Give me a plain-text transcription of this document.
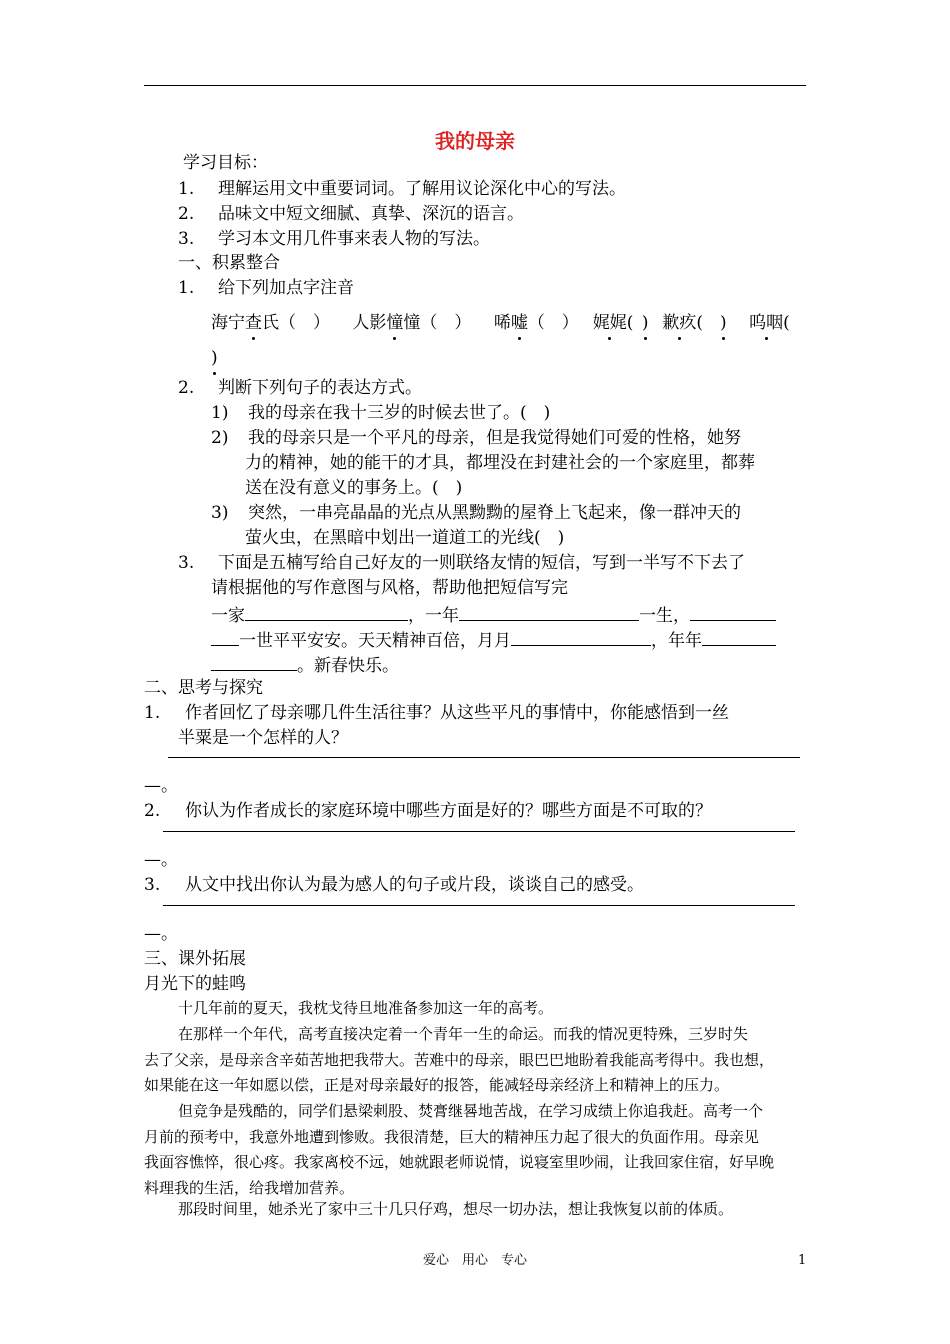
我的母亲
学习目标：
1. 理解运用文中重要词词。了解用议论深化中心的写法。
2. 品味文中短文细腻、真挚、深沉的语言。
3. 学习本文用几件事来表人物的写法。
一、积累整合
1. 给下列加点字注音
海宁查氏（　）  人影憧憧（　）  唏嘘（　）  娓娓(  )  歉疚(  )  呜咽(
)
2. 判断下列句子的表达方式。
1) 我的母亲在我十三岁的时候去世了。(　)
2) 我的母亲只是一个平凡的母亲，但是我觉得她们可爱的性格，她努
力的精神，她的能干的才具，都埋没在封建社会的一个家庭里，都葬
送在没有意义的事务上。(　)
3) 突然，一串亮晶晶的光点从黑黝黝的屋脊上飞起来，像一群冲天的
萤火虫，在黑暗中划出一道道工的光线(　)
3. 下面是五楠写给自己好友的一则联络友情的短信，写到一半写不下去了
请根据他的写作意图与风格，帮助他把短信写完
一家	，一年	一生，
一世平平安安。天天精神百倍，月月	，年年
。新春快乐。
二、思考与探究
1. 作者回忆了母亲哪几件生活往事？从这些平凡的事情中，你能感悟到一丝
半粟是一个怎样的人？
—。
2. 你认为作者成长的家庭环境中哪些方面是好的？哪些方面是不可取的？
—。
3. 从文中找出你认为最为感人的句子或片段，谈谈自己的感受。
—。
三、课外拓展
月光下的蛙鸣
十几年前的夏天，我枕戈待旦地准备参加这一年的高考。
在那样一个年代，高考直接决定着一个青年一生的命运。而我的情况更特殊，三岁时失
去了父亲，是母亲含辛茹苦地把我带大。苦难中的母亲，眼巴巴地盼着我能高考得中。我也想，
如果能在这一年如愿以偿，正是对母亲最好的报答，能减轻母亲经济上和精神上的压力。
但竞争是残酷的，同学们悬梁刺股、焚膏继晷地苦战，在学习成绩上你追我赶。高考一个
月前的预考中，我意外地遭到惨败。我很清楚，巨大的精神压力起了很大的负面作用。母亲见
我面容憔悴，很心疼。我家离校不远，她就跟老师说情，说寝室里吵闹，让我回家住宿，好早晚
料理我的生活，给我增加营养。
那段时间里，她杀光了家中三十几只仔鸡，想尽一切办法，想让我恢复以前的体质。
爱心　用心　专心	1
